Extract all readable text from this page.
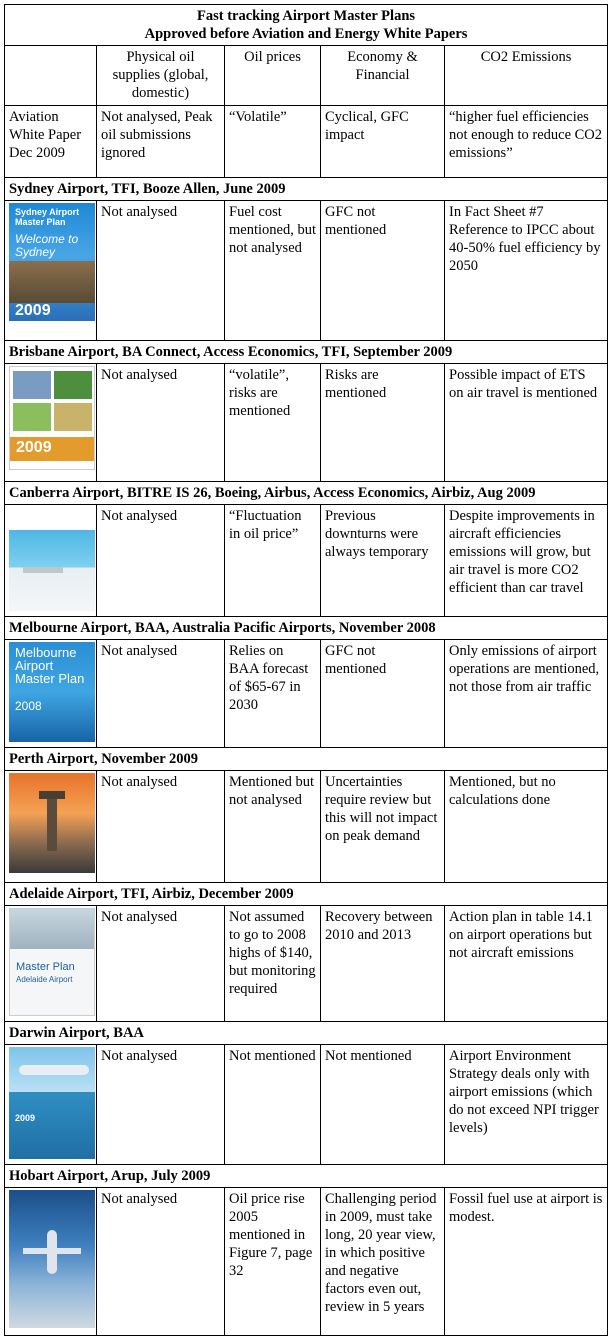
Fast tracking Airport Master Plans
Approved before Aviation and Energy White Papers				

	Physical oil supplies (global, domestic)	Oil prices	Economy & Financial	CO2 Emissions
Aviation White Paper Dec 2009	Not analysed, Peak oil submissions ignored	“Volatile”	Cyclical, GFC impact	“higher fuel efficiencies not enough to reduce CO2 emissions”
Sydney Airport, TFI, Booze Allen, June 2009				

Sydney Airport Master Plan
Welcome to Sydney
2009	Not analysed	Fuel cost mentioned, but not analysed	GFC not mentioned	In Fact Sheet #7 Reference to IPCC about 40-50% fuel efficiency by 2050
Brisbane Airport, BA Connect, Access Economics, TFI, September 2009				

2009	Not analysed	“volatile”, risks are mentioned	Risks are mentioned	Possible impact of ETS on air travel is mentioned
Canberra Airport, BITRE IS 26, Boeing, Airbus, Access Economics, Airbiz, Aug 2009				

	Not analysed	“Fluctuation in oil price”	Previous downturns were always temporary	Despite improvements in aircraft efficiencies emissions will grow, but air travel is more CO2 efficient than car travel
Melbourne Airport, BAA, Australia Pacific Airports, November 2008				

Melbourne Airport Master Plan
2008	Not analysed	Relies on BAA forecast of $65-67 in 2030	GFC not mentioned	Only emissions of airport operations are mentioned, not those from air traffic
Perth Airport, November 2009				

	Not analysed	Mentioned but not analysed	Uncertainties require review but this will not impact on peak demand	Mentioned, but no calculations done
Adelaide Airport, TFI, Airbiz, December 2009				

Master Plan
Adelaide Airport	Not analysed	Not assumed to go to 2008 highs of $140, but monitoring required	Recovery between 2010 and 2013	Action plan in table 14.1 on airport operations but not aircraft emissions
Darwin Airport, BAA				

2009	Not analysed	Not mentioned	Not mentioned	Airport Environment Strategy deals only with airport emissions (which do not exceed NPI trigger levels)
Hobart Airport, Arup, July 2009				

	Not analysed	Oil price rise 2005 mentioned in Figure 7, page 32	Challenging period in 2009, must take long, 20 year view, in which positive and negative factors even out, review in 5 years	Fossil fuel use at airport is modest.
